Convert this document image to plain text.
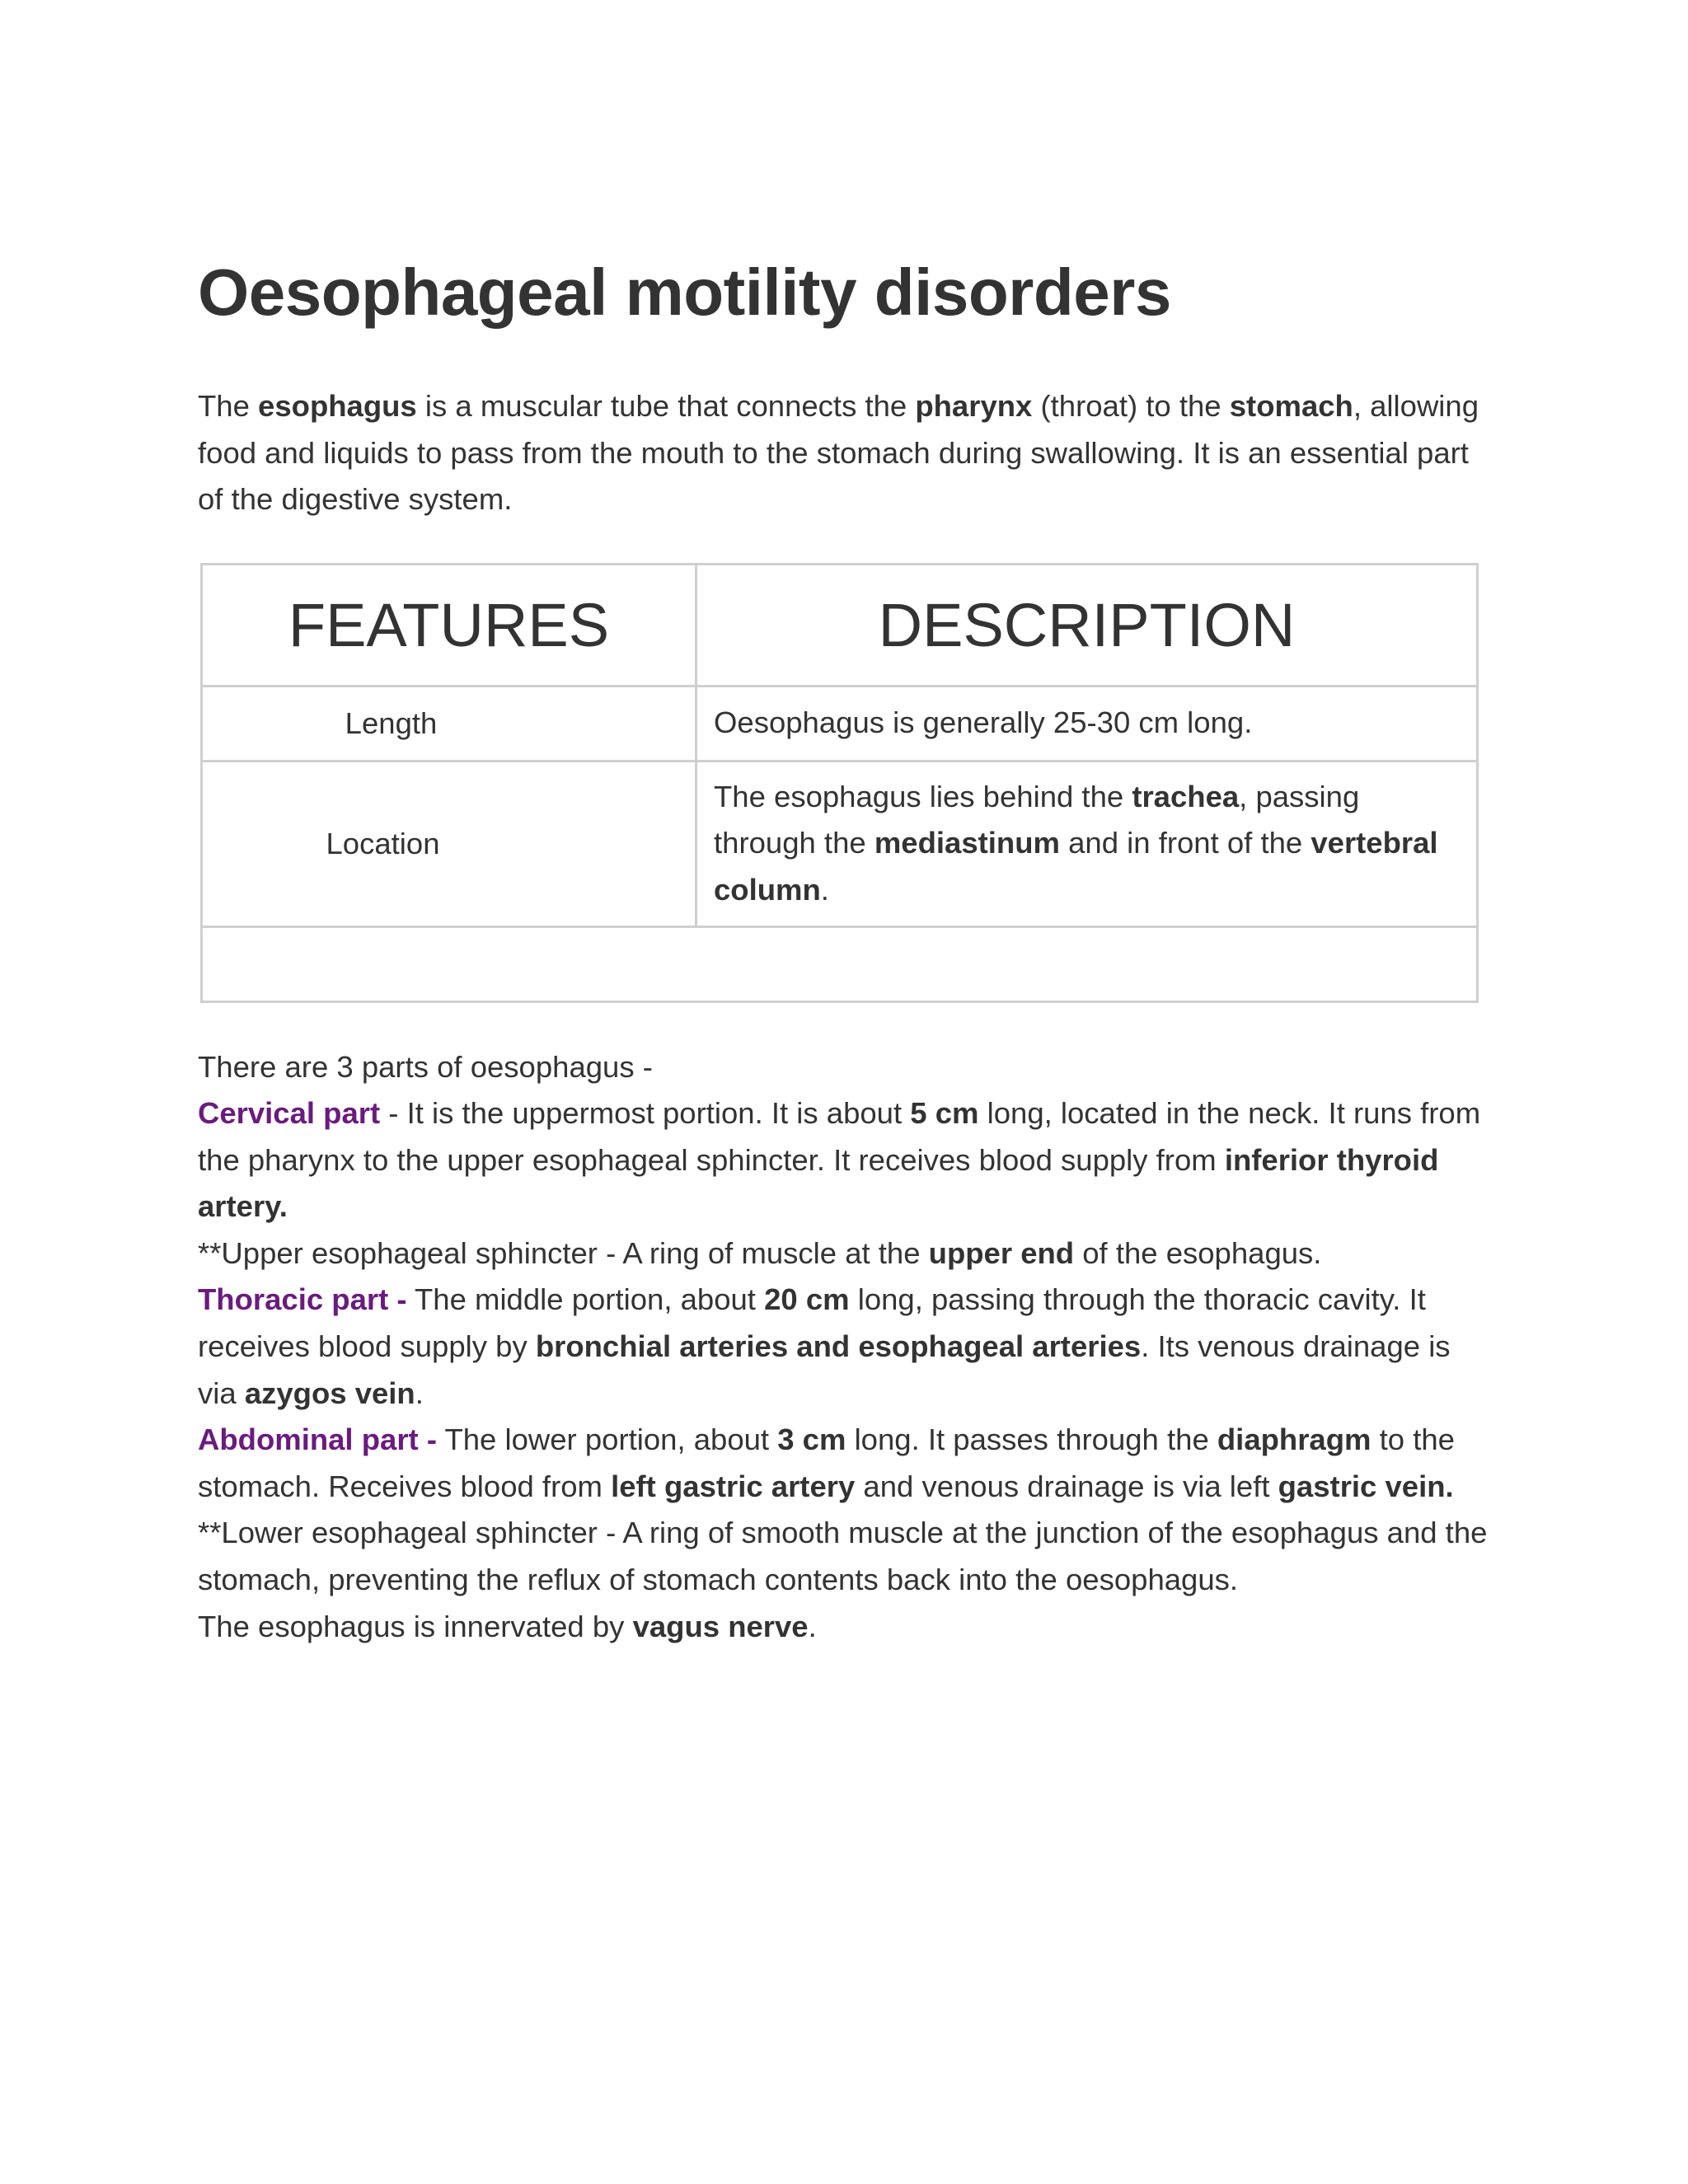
Oesophageal motility disorders

The esophagus is a muscular tube that connects the pharynx (throat) to the stomach, allowing food and liquids to pass from the mouth to the stomach during swallowing. It is an essential part of the digestive system.

FEATURES	DESCRIPTION
Length	Oesophagus is generally 25-30 cm long.
Location	The esophagus lies behind the trachea, passing through the mediastinum and in front of the vertebral column.

There are 3 parts of oesophagus -

Cervical part - It is the uppermost portion. It is about 5 cm long, located in the neck. It runs from the pharynx to the upper esophageal sphincter. It receives blood supply from inferior thyroid artery.

**Upper esophageal sphincter - A ring of muscle at the upper end of the esophagus.

Thoracic part - The middle portion, about 20 cm long, passing through the thoracic cavity. It receives blood supply by bronchial arteries and esophageal arteries. Its venous drainage is via azygos vein.

Abdominal part - The lower portion, about 3 cm long. It passes through the diaphragm to the stomach. Receives blood from left gastric artery and venous drainage is via left gastric vein.

**Lower esophageal sphincter - A ring of smooth muscle at the junction of the esophagus and the stomach, preventing the reflux of stomach contents back into the oesophagus.

The esophagus is innervated by vagus nerve.
